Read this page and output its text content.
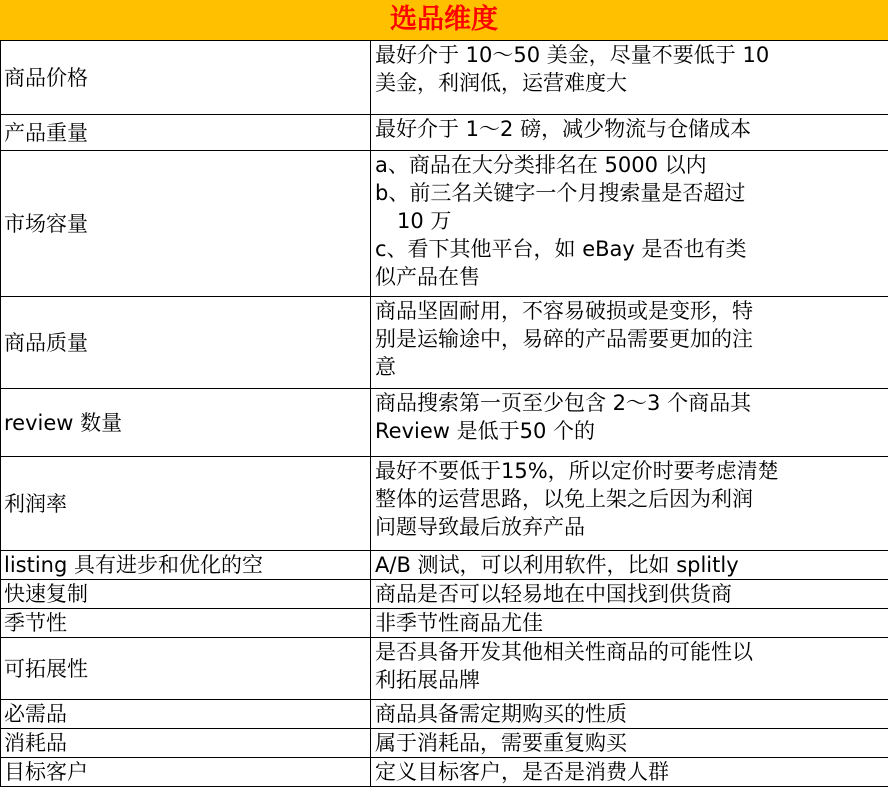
选品维度
商品价格	最好介于 10～50 美金，尽量不要低于 10
美金，利润低，运营难度大

产品重量	最好介于 1～2 磅，减少物流与仓储成本

市场容量	a、商品在大分类排名在 5000 以内
b、前三名关键字一个月搜索量是否超过
10 万
c、看下其他平台，如 eBay 是否也有类
似产品在售

商品质量	商品坚固耐用，不容易破损或是变形，特
别是运输途中，易碎的产品需要更加的注
意

review 数量	商品搜索第一页至少包含 2～3 个商品其
Review 是低于50 个的

利润率	最好不要低于15%，所以定价时要考虑清楚
整体的运营思路，以免上架之后因为利润
问题导致最后放弃产品

listing 具有进步和优化的空	A/B 测试，可以利用软件，比如 splitly

快速复制	商品是否可以轻易地在中国找到供货商

季节性	非季节性商品尤佳

可拓展性	是否具备开发其他相关性商品的可能性以
利拓展品牌

必需品	商品具备需定期购买的性质

消耗品	属于消耗品，需要重复购买

目标客户	定义目标客户，是否是消费人群
